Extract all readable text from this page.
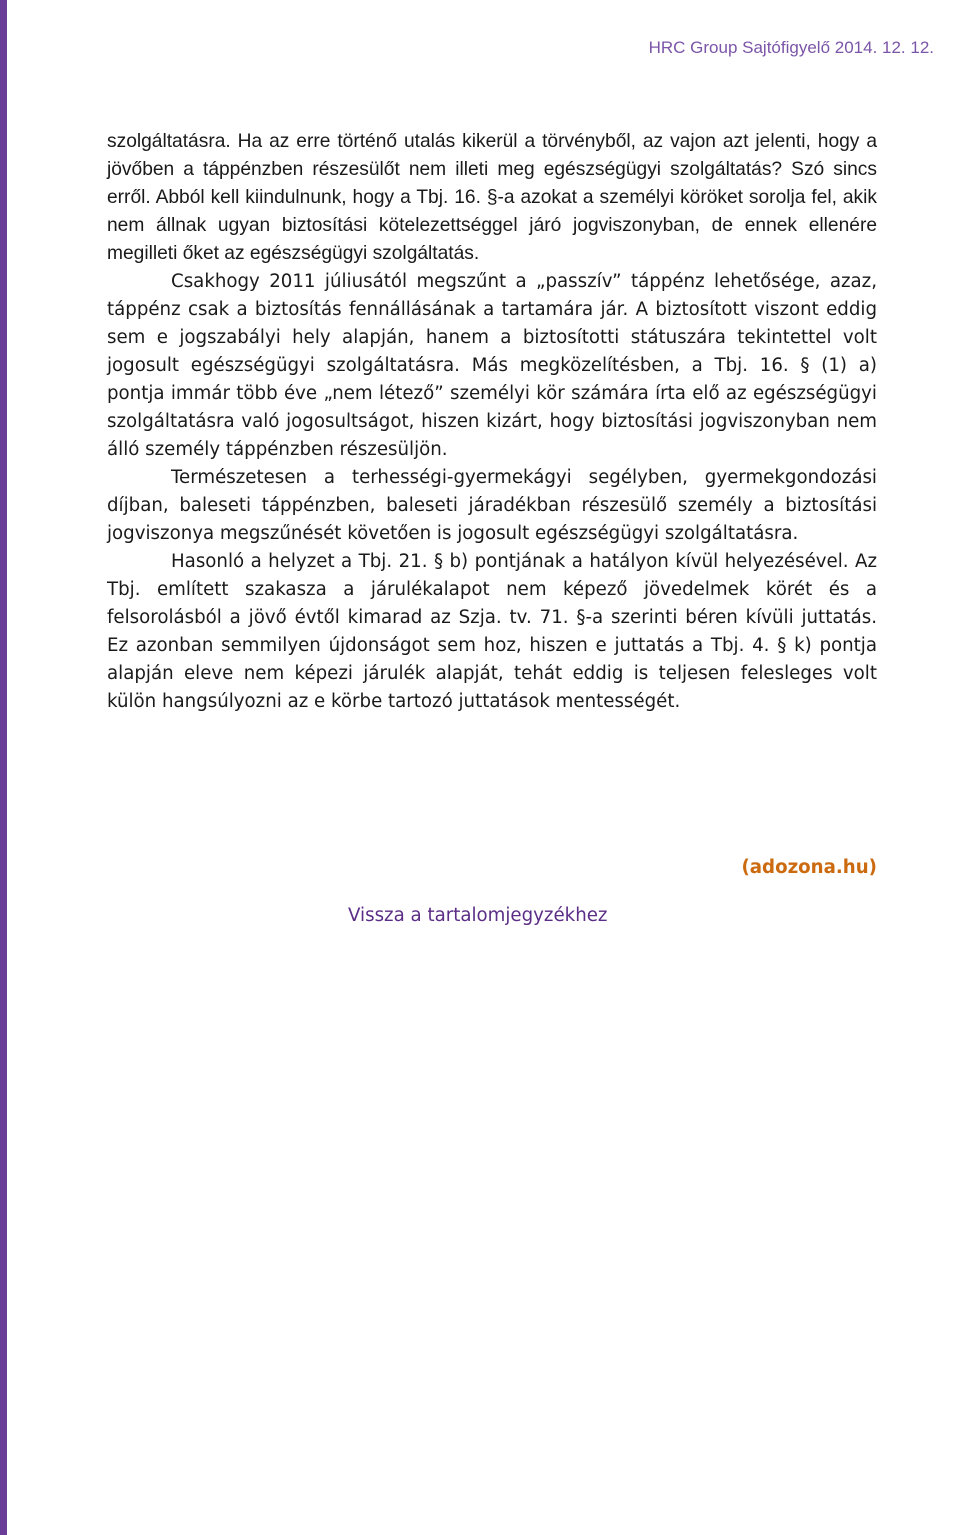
HRC Group Sajtófigyelő 2014. 12. 12.

szolgáltatásra. Ha az erre történő utalás kikerül a törvényből, az vajon azt jelenti, hogy a jövőben a táppénzben részesülőt nem illeti meg egészségügyi szolgáltatás? Szó sincs erről. Abból kell kiindulnunk, hogy a Tbj. 16. §-a azokat a személyi köröket sorolja fel, akik nem állnak ugyan biztosítási kötelezettséggel járó jogviszonyban, de ennek ellenére megilleti őket az egészségügyi szolgáltatás.

Csakhogy 2011 júliusától megszűnt a „passzív” táppénz lehetősége, azaz, táppénz csak a biztosítás fennállásának a tartamára jár. A biztosított viszont eddig sem e jogszabályi hely alapján, hanem a biztosítotti státuszára tekintettel volt jogosult egészségügyi szolgáltatásra. Más megközelítésben, a Tbj. 16. § (1) a) pontja immár több éve „nem létező” személyi kör számára írta elő az egészségügyi szolgáltatásra való jogosultságot, hiszen kizárt, hogy biztosítási jogviszonyban nem álló személy táppénzben részesüljön.

Természetesen a terhességi-gyermekágyi segélyben, gyermekgondozási díjban, baleseti táppénzben, baleseti járadékban részesülő személy a biztosítási jogviszonya megszűnését követően is jogosult egészségügyi szolgáltatásra.

Hasonló a helyzet a Tbj. 21. § b) pontjának a hatályon kívül helyezésével. Az Tbj. említett szakasza a járulékalapot nem képező jövedelmek körét és a felsorolásból a jövő évtől kimarad az Szja. tv. 71. §-a szerinti béren kívüli juttatás. Ez azonban semmilyen újdonságot sem hoz, hiszen e juttatás a Tbj. 4. § k) pontja alapján eleve nem képezi járulék alapját, tehát eddig is teljesen felesleges volt külön hangsúlyozni az e körbe tartozó juttatások mentességét.

(adozona.hu)
Vissza a tartalomjegyzékhez
